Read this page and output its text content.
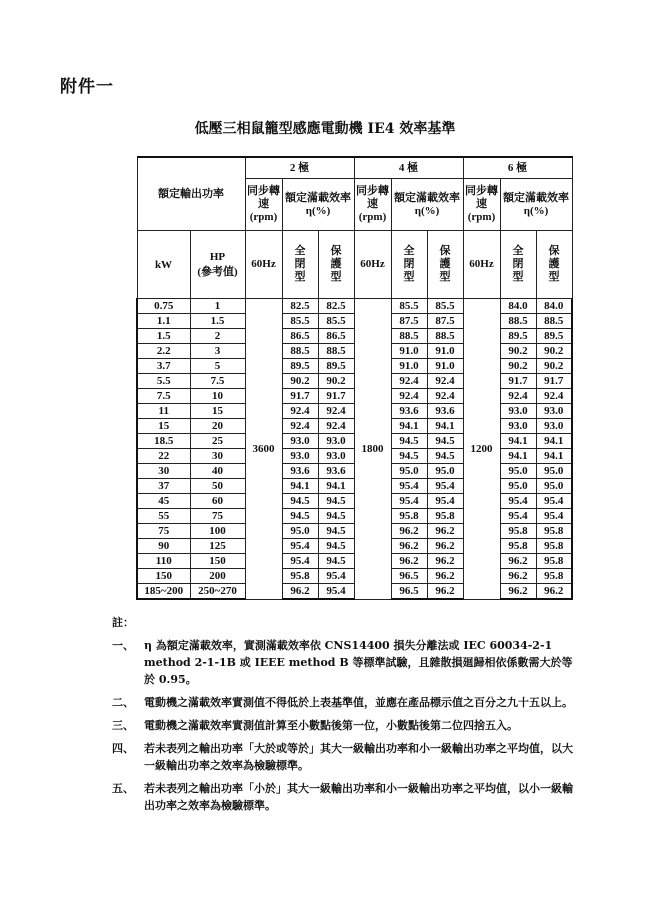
附件一
低壓三相鼠籠型感應電動機 IE4 效率基準
額定輸出功率		2 極			4 極			6 極		
		同步轉速(rpm)	額定滿載效率 η(%)		同步轉速(rpm)	額定滿載效率 η(%)		同步轉速(rpm)	額定滿載效率 η(%)	
kW	HP
(參考值)	60Hz	全閉型	保護型	60Hz	全閉型	保護型	60Hz	全閉型	保護型
0.75	1	3600	82.5	82.5	1800	85.5	85.5	1200	84.0	84.0
1.1	1.5		85.5	85.5		87.5	87.5		88.5	88.5
1.5	2		86.5	86.5		88.5	88.5		89.5	89.5
2.2	3		88.5	88.5		91.0	91.0		90.2	90.2
3.7	5		89.5	89.5		91.0	91.0		90.2	90.2
5.5	7.5		90.2	90.2		92.4	92.4		91.7	91.7
7.5	10		91.7	91.7		92.4	92.4		92.4	92.4
11	15		92.4	92.4		93.6	93.6		93.0	93.0
15	20		92.4	92.4		94.1	94.1		93.0	93.0
18.5	25		93.0	93.0		94.5	94.5		94.1	94.1
22	30		93.0	93.0		94.5	94.5		94.1	94.1
30	40		93.6	93.6		95.0	95.0		95.0	95.0
37	50		94.1	94.1		95.4	95.4		95.0	95.0
45	60		94.5	94.5		95.4	95.4		95.4	95.4
55	75		94.5	94.5		95.8	95.8		95.4	95.4
75	100		95.0	94.5		96.2	96.2		95.8	95.8
90	125		95.4	94.5		96.2	96.2		95.8	95.8
110	150		95.4	94.5		96.2	96.2		96.2	95.8
150	200		95.8	95.4		96.5	96.2		96.2	95.8
185~200	250~270		96.2	95.4		96.5	96.2		96.2	96.2
註：
一、 η 為額定滿載效率，實測滿載效率依 CNS14400 損失分離法或 IEC 60034-2-1 method 2-1-1B 或 IEEE method B 等標準試驗，且雜散損廻歸相依係數需大於等於 0.95。
二、 電動機之滿載效率實測值不得低於上表基準值，並應在產品標示值之百分之九十五以上。
三、 電動機之滿載效率實測值計算至小數點後第一位，小數點後第二位四捨五入。
四、 若未表列之輸出功率「大於或等於」其大一級輸出功率和小一級輸出功率之平均值，以大一級輸出功率之效率為檢驗標準。
五、 若未表列之輸出功率「小於」其大一級輸出功率和小一級輸出功率之平均值，以小一級輸出功率之效率為檢驗標準。
